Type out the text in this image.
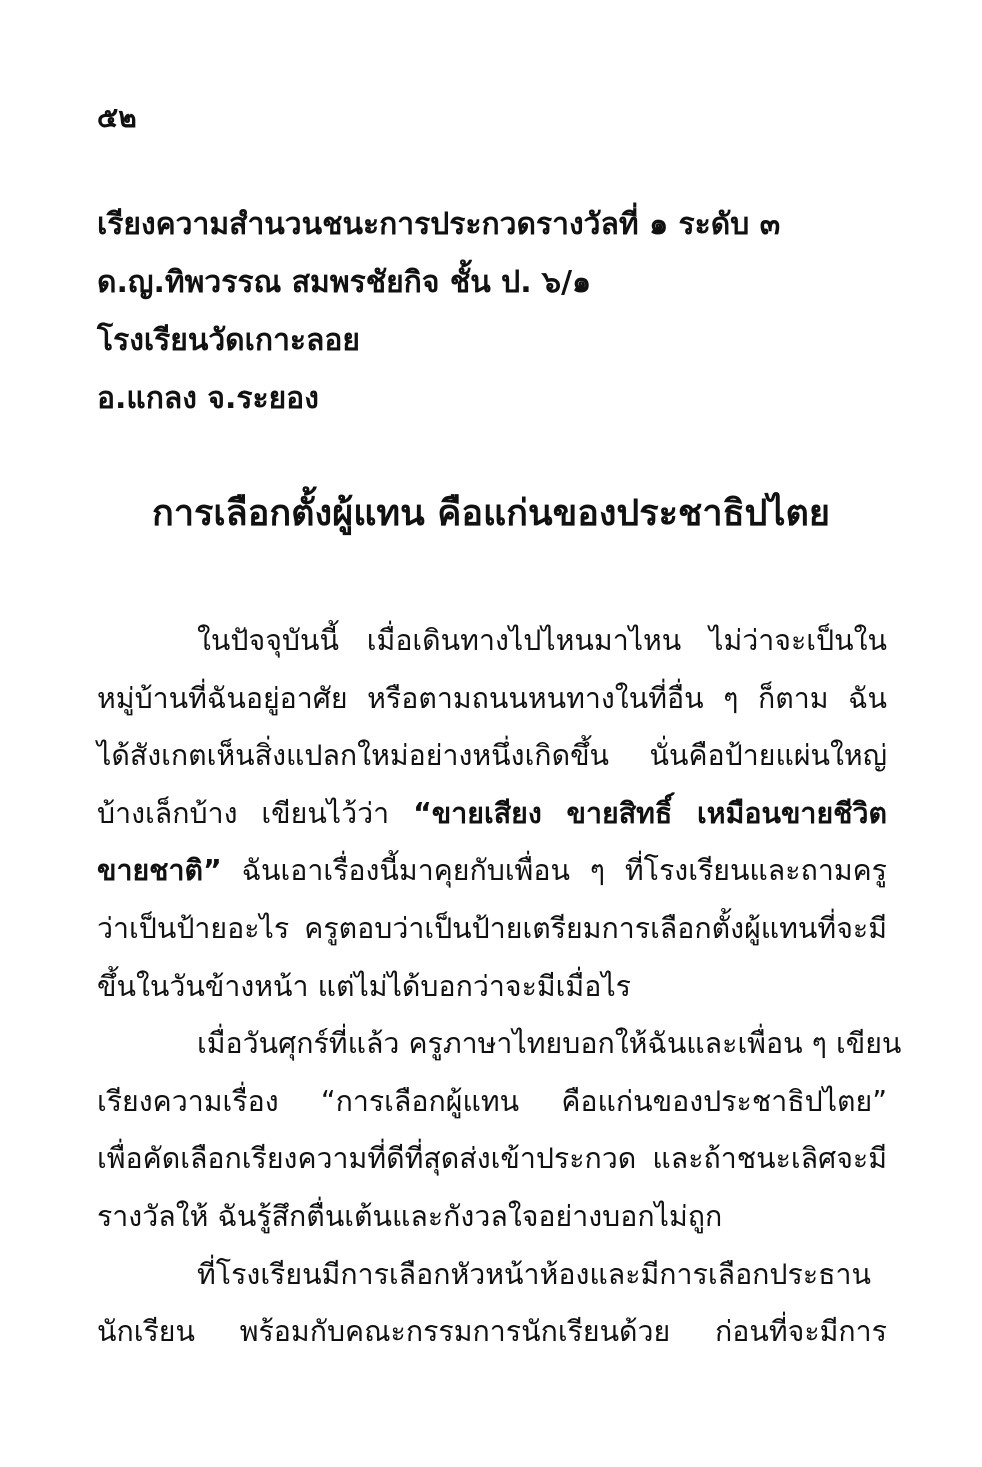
๕๒
เรียงความสำนวนชนะการประกวดรางวัลที่ ๑ ระดับ ๓
ด.ญ.ทิพวรรณ สมพรชัยกิจ ชั้น ป. ๖/๑
โรงเรียนวัดเกาะลอย
อ.แกลง จ.ระยอง
การเลือกตั้งผู้แทน คือแก่นของประชาธิปไตย
ในปัจจุบันนี้ เมื่อเดินทางไปไหนมาไหน ไม่ว่าจะเป็นใน
หมู่บ้านที่ฉันอยู่อาศัย หรือตามถนนหนทางในที่อื่น ๆ ก็ตาม ฉัน
ได้สังเกตเห็นสิ่งแปลกใหม่อย่างหนึ่งเกิดขึ้น นั่นคือป้ายแผ่นใหญ่
บ้างเล็กบ้าง เขียนไว้ว่า “ขายเสียง ขายสิทธิ์ เหมือนขายชีวิต
ขายชาติ” ฉันเอาเรื่องนี้มาคุยกับเพื่อน ๆ ที่โรงเรียนและถามครู
ว่าเป็นป้ายอะไร ครูตอบว่าเป็นป้ายเตรียมการเลือกตั้งผู้แทนที่จะมี
ขึ้นในวันข้างหน้า แต่ไม่ได้บอกว่าจะมีเมื่อไร
เมื่อวันศุกร์ที่แล้ว ครูภาษาไทยบอกให้ฉันและเพื่อน ๆ เขียน
เรียงความเรื่อง “การเลือกผู้แทน คือแก่นของประชาธิปไตย”
เพื่อคัดเลือกเรียงความที่ดีที่สุดส่งเข้าประกวด และถ้าชนะเลิศจะมี
รางวัลให้ ฉันรู้สึกตื่นเต้นและกังวลใจอย่างบอกไม่ถูก
ที่โรงเรียนมีการเลือกหัวหน้าห้องและมีการเลือกประธาน
นักเรียน พร้อมกับคณะกรรมการนักเรียนด้วย ก่อนที่จะมีการ
